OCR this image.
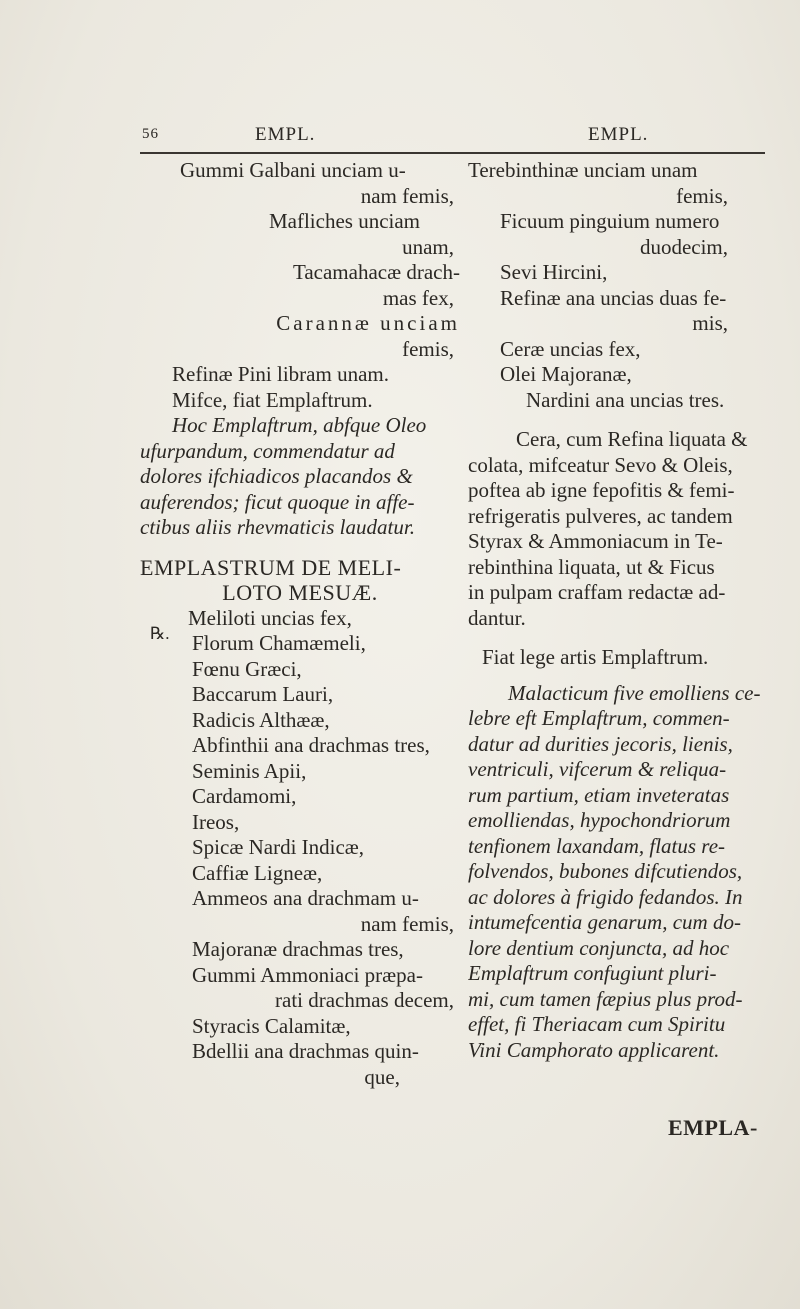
56	EMPL.	EMPL.
Gummi Galbani unciam u-
nam femis,
Mafliches unciam
unam,
Tacamahacæ drach-
mas fex,
Carannæ unciam
femis,
Refinæ Pini libram unam.
Mifce, fiat Emplaftrum.
Hoc Emplaftrum, abfque Oleo
ufurpandum, commendatur ad
dolores ifchiadicos placandos &
auferendos; ficut quoque in affe-
ctibus aliis rhevmaticis laudatur.
EMPLASTRUM DE MELI-
LOTO MESUÆ.
Meliloti uncias fex,
Florum Chamæmeli,
Fœnu Græci,
Baccarum Lauri,
Radicis Althææ,
Abfinthii ana drachmas tres,
Seminis Apii,
Cardamomi,
Ireos,
Spicæ Nardi Indicæ,
Caffiæ Ligneæ,
Ammeos ana drachmam u-
nam femis,
Majoranæ drachmas tres,
Gummi Ammoniaci præpa-
rati drachmas decem,
Styracis Calamitæ,
Bdellii ana drachmas quin-
que,
℞.
Terebinthinæ unciam unam
femis,
Ficuum pinguium numero
duodecim,
Sevi Hircini,
Refinæ ana uncias duas fe-
mis,
Ceræ uncias fex,
Olei Majoranæ,
Nardini ana uncias tres.
Cera, cum Refina liquata &
colata, mifceatur Sevo & Oleis,
poftea ab igne fepofitis & femi-
refrigeratis pulveres, ac tandem
Styrax & Ammoniacum in Te-
rebinthina liquata, ut & Ficus
in pulpam craffam redactæ ad-
dantur.
Fiat lege artis Emplaftrum.
Malacticum five emolliens ce-
lebre eft Emplaftrum, commen-
datur ad durities jecoris, lienis,
ventriculi, vifcerum & reliqua-
rum partium, etiam inveteratas
emolliendas, hypochondriorum
tenfionem laxandam, flatus re-
folvendos, bubones difcutiendos,
ac dolores à frigido fedandos. In
intumefcentia genarum, cum do-
lore dentium conjuncta, ad hoc
Emplaftrum confugiunt pluri-
mi, cum tamen fæpius plus prod-
effet, fi Theriacam cum Spiritu
Vini Camphorato applicarent.
EMPLA-
